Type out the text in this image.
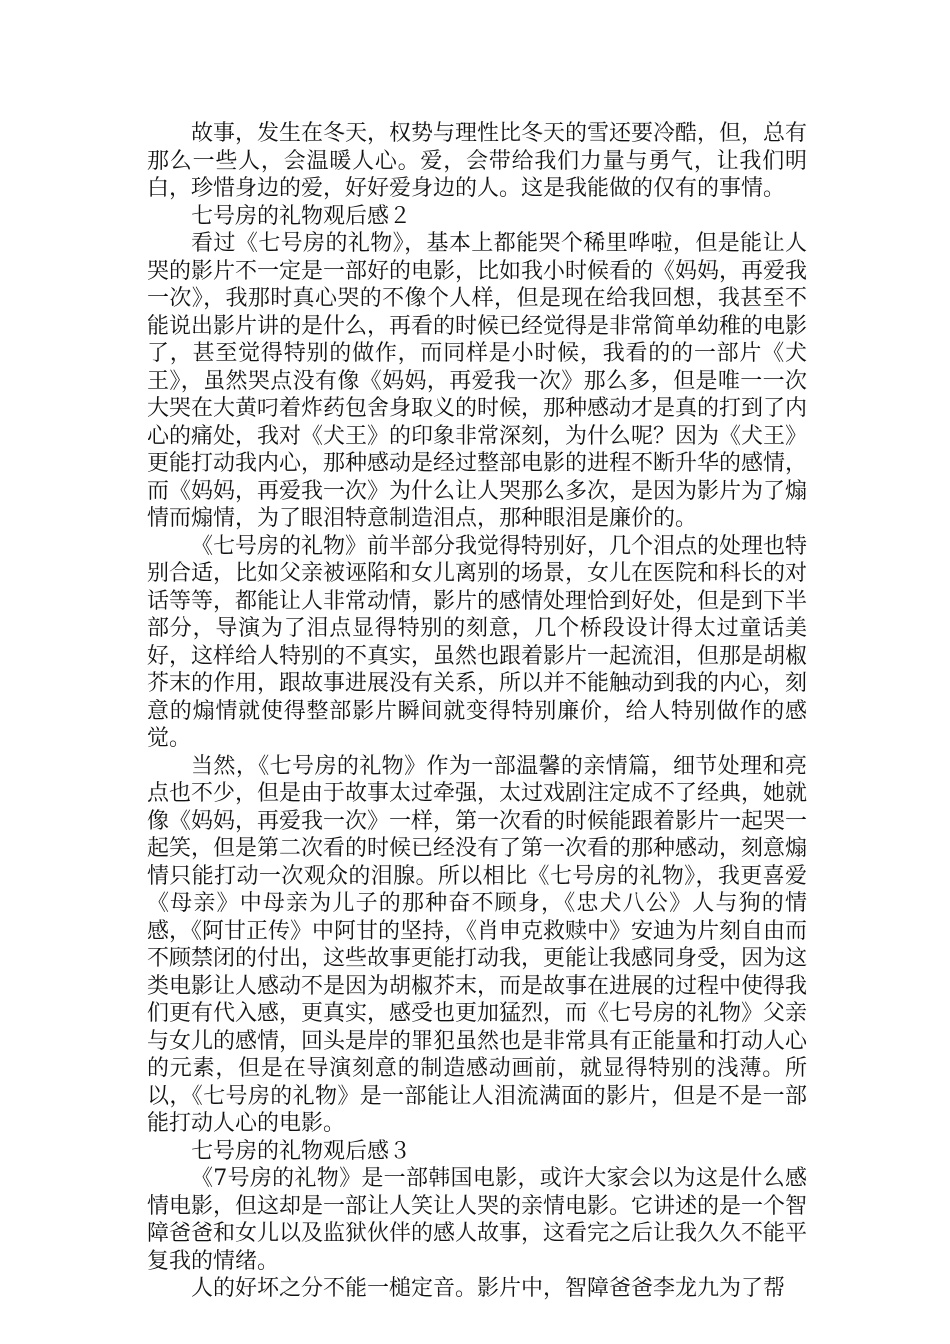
故事，发生在冬天，权势与理性比冬天的雪还要冷酷，但，总有那么一些人，会温暖人心。爱，会带给我们力量与勇气，让我们明白，珍惜身边的爱，好好爱身边的人。这是我能做的仅有的事情。

七号房的礼物观后感２

看过《七号房的礼物》，基本上都能哭个稀里哗啦，但是能让人哭的影片不一定是一部好的电影，比如我小时候看的《妈妈，再爱我一次》，我那时真心哭的不像个人样，但是现在给我回想，我甚至不能说出影片讲的是什么，再看的时候已经觉得是非常简单幼稚的电影了，甚至觉得特别的做作，而同样是小时候，我看的的一部片《犬王》，虽然哭点没有像《妈妈，再爱我一次》那么多，但是唯一一次大哭在大黄叼着炸药包舍身取义的时候，那种感动才是真的打到了内心的痛处，我对《犬王》的印象非常深刻，为什么呢？因为《犬王》更能打动我内心，那种感动是经过整部电影的进程不断升华的感情，而《妈妈，再爱我一次》为什么让人哭那么多次，是因为影片为了煽情而煽情，为了眼泪特意制造泪点，那种眼泪是廉价的。

《七号房的礼物》前半部分我觉得特别好，几个泪点的处理也特别合适，比如父亲被诬陷和女儿离别的场景，女儿在医院和科长的对话等等，都能让人非常动情，影片的感情处理恰到好处，但是到下半部分，导演为了泪点显得特别的刻意，几个桥段设计得太过童话美好，这样给人特别的不真实，虽然也跟着影片一起流泪，但那是胡椒芥末的作用，跟故事进展没有关系，所以并不能触动到我的内心，刻意的煽情就使得整部影片瞬间就变得特别廉价，给人特别做作的感觉。

当然，《七号房的礼物》作为一部温馨的亲情篇，细节处理和亮点也不少，但是由于故事太过牵强，太过戏剧注定成不了经典，她就像《妈妈，再爱我一次》一样，第一次看的时候能跟着影片一起哭一起笑，但是第二次看的时候已经没有了第一次看的那种感动，刻意煽情只能打动一次观众的泪腺。所以相比《七号房的礼物》，我更喜爱《母亲》中母亲为儿子的那种奋不顾身，《忠犬八公》人与狗的情感，《阿甘正传》中阿甘的坚持，《肖申克救赎中》安迪为片刻自由而不顾禁闭的付出，这些故事更能打动我，更能让我感同身受，因为这类电影让人感动不是因为胡椒芥末，而是故事在进展的过程中使得我们更有代入感，更真实，感受也更加猛烈，而《七号房的礼物》父亲与女儿的感情，回头是岸的罪犯虽然也是非常具有正能量和打动人心的元素，但是在导演刻意的制造感动画前，就显得特别的浅薄。所以，《七号房的礼物》是一部能让人泪流满面的影片，但是不是一部能打动人心的电影。

七号房的礼物观后感３

《7号房的礼物》是一部韩国电影，或许大家会以为这是什么感情电影，但这却是一部让人笑让人哭的亲情电影。它讲述的是一个智障爸爸和女儿以及监狱伙伴的感人故事，这看完之后让我久久不能平复我的情绪。

人的好坏之分不能一槌定音。影片中，智障爸爸李龙九为了帮
